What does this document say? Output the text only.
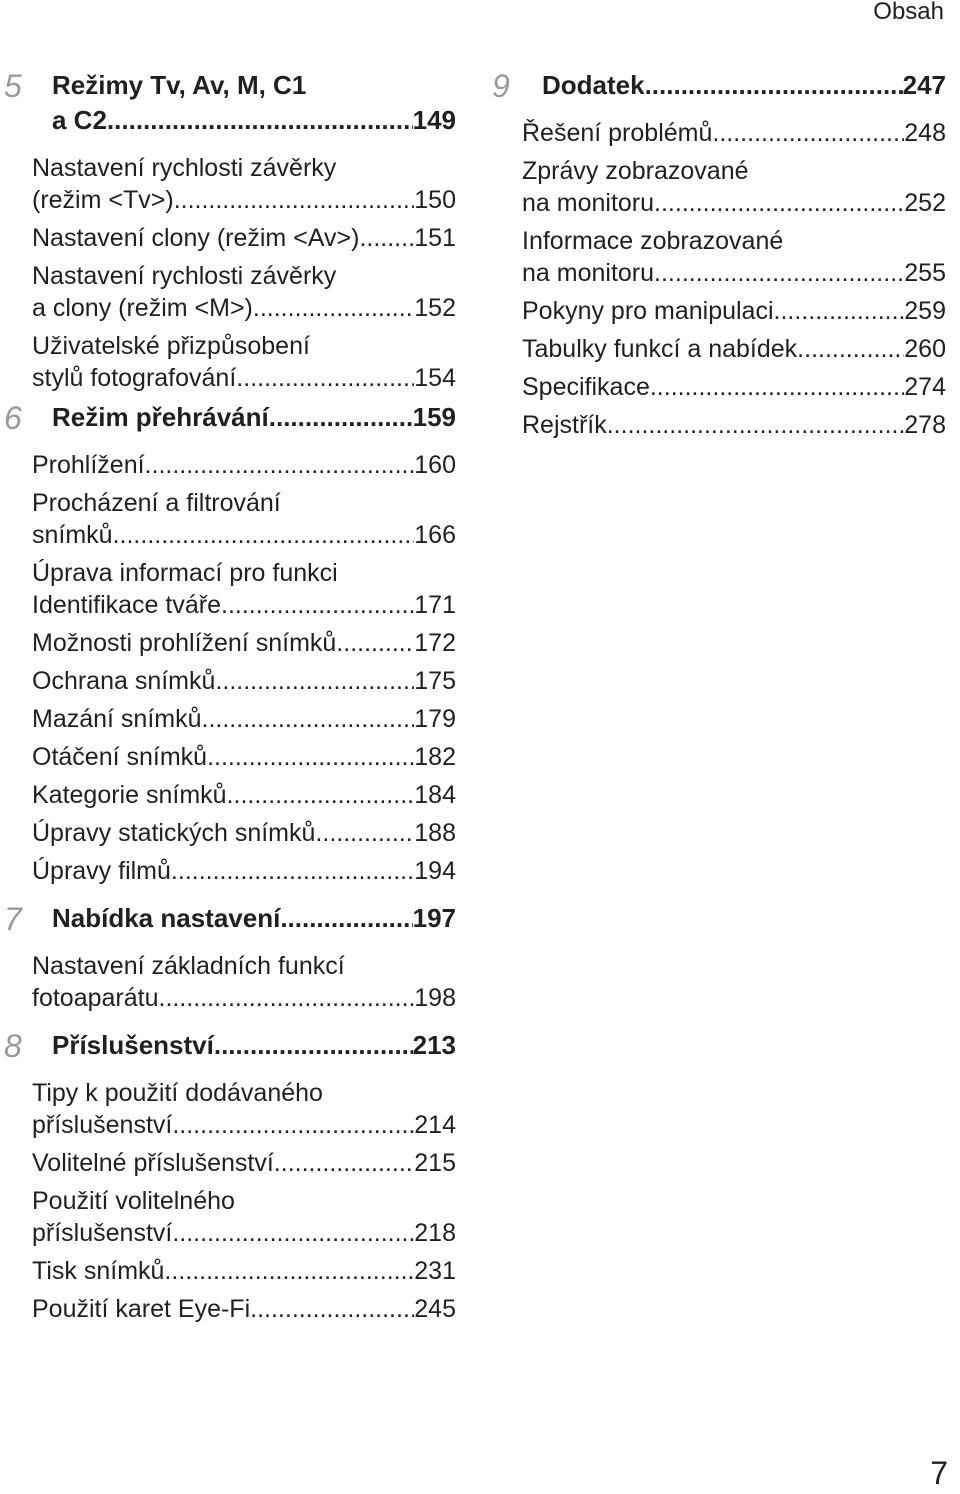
Obsah
5 Režimy Tv, Av, M, C1
a C2 .....	149
Nastavení rychlosti závěrky
(režim <Tv>) .....	150
Nastavení clony (režim <Av>) ..... 151
Nastavení rychlosti závěrky
a clony (režim <M>) .....	152
Uživatelské přizpůsobení
stylů fotografování .....	154
6 Režim přehrávání .....	159
Prohlížení .....	160
Procházení a filtrování
snímků .....	166
Úprava informací pro funkci
Identifikace tváře .....	171
Možnosti prohlížení snímků .....	172
Ochrana snímků .....	175
Mazání snímků .....	179
Otáčení snímků .....	182
Kategorie snímků .....	184
Úpravy statických snímků .....	188
Úpravy filmů .....	194
7 Nabídka nastavení .....	197
Nastavení základních funkcí
fotoaparátu .....	198
8 Příslušenství .....	213
Tipy k použití dodávaného
příslušenství .....	214
Volitelné příslušenství .....	215
Použití volitelného
příslušenství .....	218
Tisk snímků .....	231
Použití karet Eye-Fi .....	245
9 Dodatek .....	247
Řešení problémů .....	248
Zprávy zobrazované
na monitoru .....	252
Informace zobrazované
na monitoru .....	255
Pokyny pro manipulaci .....	259
Tabulky funkcí a nabídek .....	260
Specifikace .....	274
Rejstřík .....	278
7
